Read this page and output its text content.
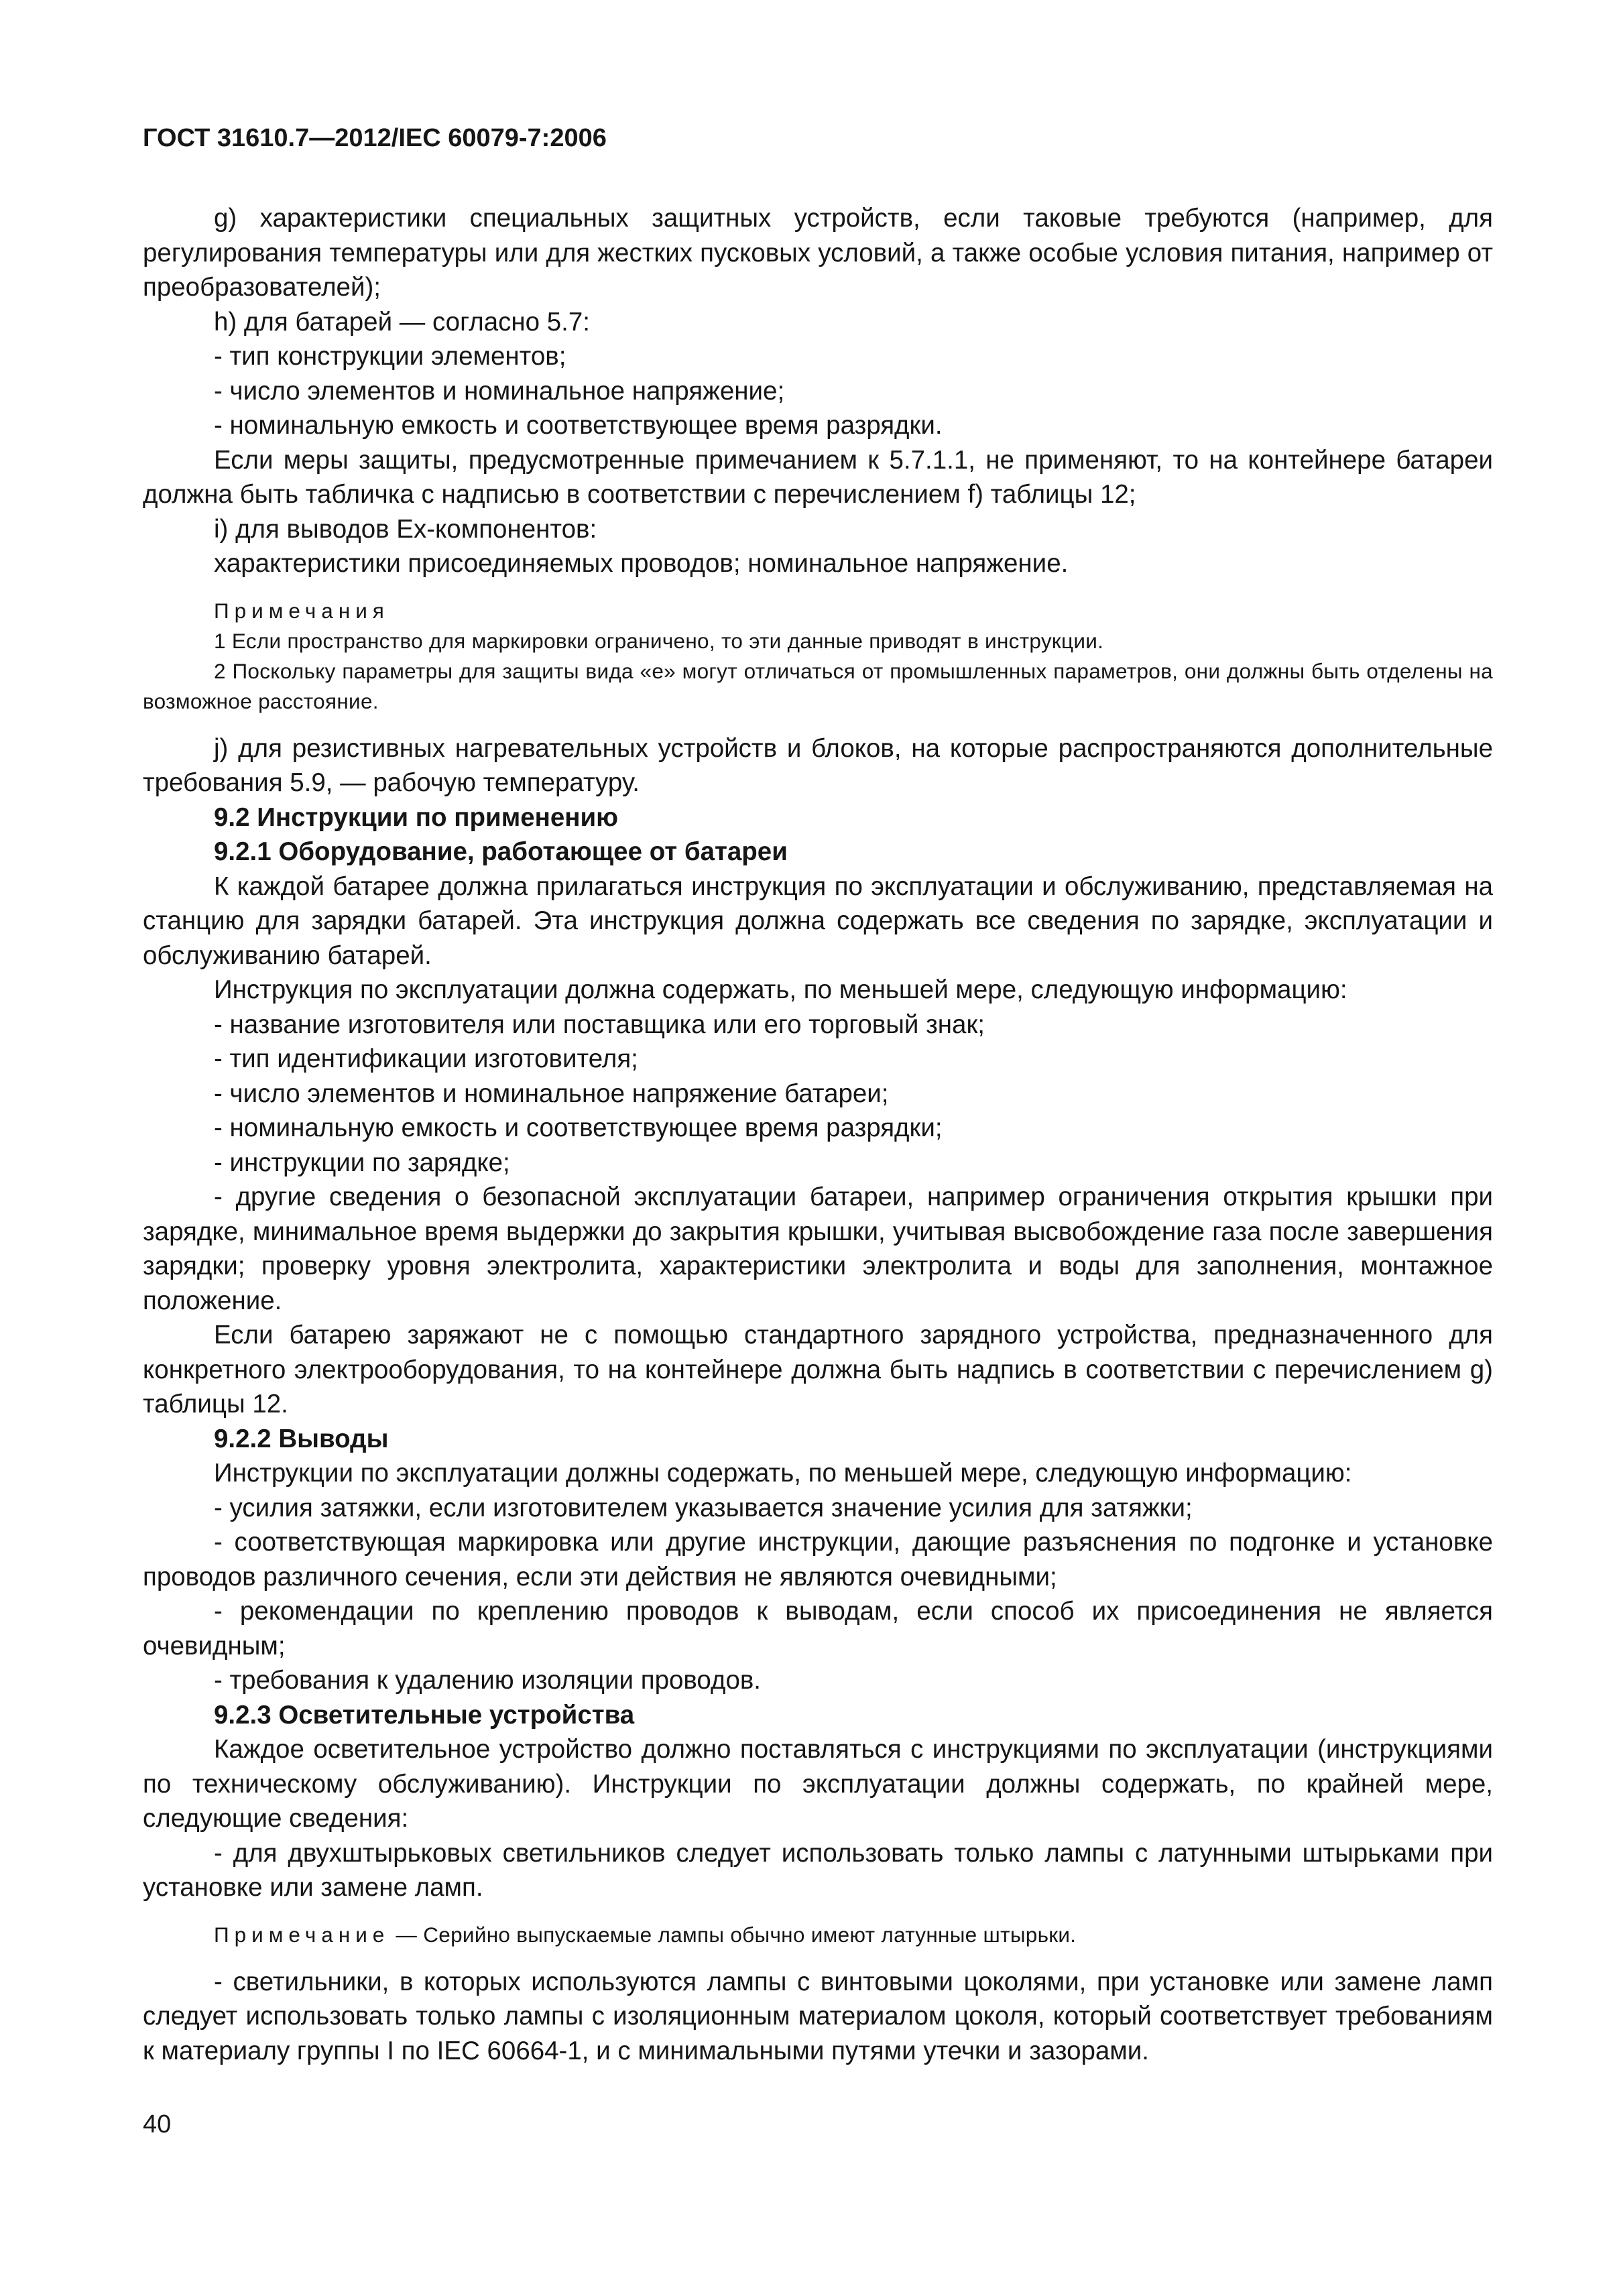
ГОСТ 31610.7—2012/IEC 60079-7:2006

g) характеристики специальных защитных устройств, если таковые требуются (например, для регулирования температуры или для жестких пусковых условий, а также особые условия питания, например от преобразователей);

h) для батарей — согласно 5.7:

- тип конструкции элементов;

- число элементов и номинальное напряжение;

- номинальную емкость и соответствующее время разрядки.

Если меры защиты, предусмотренные примечанием к 5.7.1.1, не применяют, то на контейнере батареи должна быть табличка с надписью в соответствии с перечислением f) таблицы 12;

i) для выводов Ex-компонентов:

характеристики присоединяемых проводов; номинальное напряжение.

Примечания

1 Если пространство для маркировки ограничено, то эти данные приводят в инструкции.

2 Поскольку параметры для защиты вида «е» могут отличаться от промышленных параметров, они должны быть отделены на возможное расстояние.

j) для резистивных нагревательных устройств и блоков, на которые распространяются дополнительные требования 5.9, — рабочую температуру.

9.2 Инструкции по применению

9.2.1 Оборудование, работающее от батареи

К каждой батарее должна прилагаться инструкция по эксплуатации и обслуживанию, представляемая на станцию для зарядки батарей. Эта инструкция должна содержать все сведения по зарядке, эксплуатации и обслуживанию батарей.

Инструкция по эксплуатации должна содержать, по меньшей мере, следующую информацию:

- название изготовителя или поставщика или его торговый знак;

- тип идентификации изготовителя;

- число элементов и номинальное напряжение батареи;

- номинальную емкость и соответствующее время разрядки;

- инструкции по зарядке;

- другие сведения о безопасной эксплуатации батареи, например ограничения открытия крышки при зарядке, минимальное время выдержки до закрытия крышки, учитывая высвобождение газа после завершения зарядки; проверку уровня электролита, характеристики электролита и воды для заполнения, монтажное положение.

Если батарею заряжают не с помощью стандартного зарядного устройства, предназначенного для конкретного электрооборудования, то на контейнере должна быть надпись в соответствии с перечислением g) таблицы 12.

9.2.2 Выводы

Инструкции по эксплуатации должны содержать, по меньшей мере, следующую информацию:

- усилия затяжки, если изготовителем указывается значение усилия для затяжки;

- соответствующая маркировка или другие инструкции, дающие разъяснения по подгонке и установке проводов различного сечения, если эти действия не являются очевидными;

- рекомендации по креплению проводов к выводам, если способ их присоединения не является очевидным;

- требования к удалению изоляции проводов.

9.2.3 Осветительные устройства

Каждое осветительное устройство должно поставляться с инструкциями по эксплуатации (инструкциями по техническому обслуживанию). Инструкции по эксплуатации должны содержать, по крайней мере, следующие сведения:

- для двухштырьковых светильников следует использовать только лампы с латунными штырьками при установке или замене ламп.

Примечание — Серийно выпускаемые лампы обычно имеют латунные штырьки.

- светильники, в которых используются лампы с винтовыми цоколями, при установке или замене ламп следует использовать только лампы с изоляционным материалом цоколя, который соответствует требованиям к материалу группы I по IEC 60664-1, и с минимальными путями утечки и зазорами.

40
